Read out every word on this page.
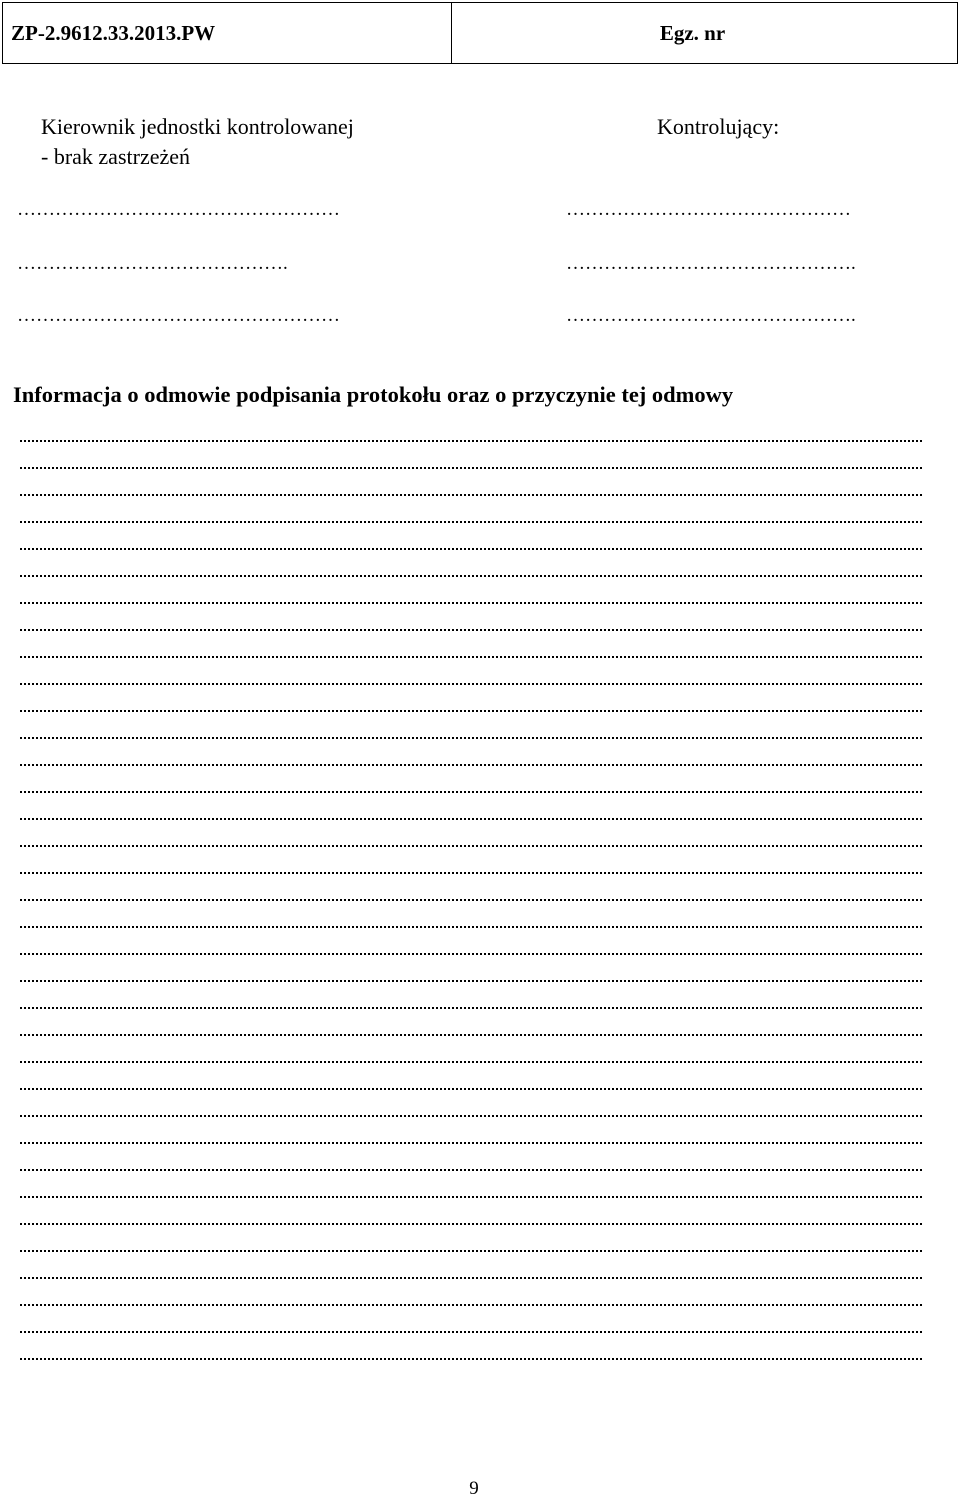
ZP-2.9612.33.2013.PW	Egz. nr
Kierownik jednostki kontrolowanej
- brak zastrzeżeń
Kontrolujący:
……………………………………………
…………………………………….
……………………………………………
………………………………………
……………………………………….
……………………………………….
Informacja o odmowie podpisania protokołu oraz o przyczynie tej odmowy
9
